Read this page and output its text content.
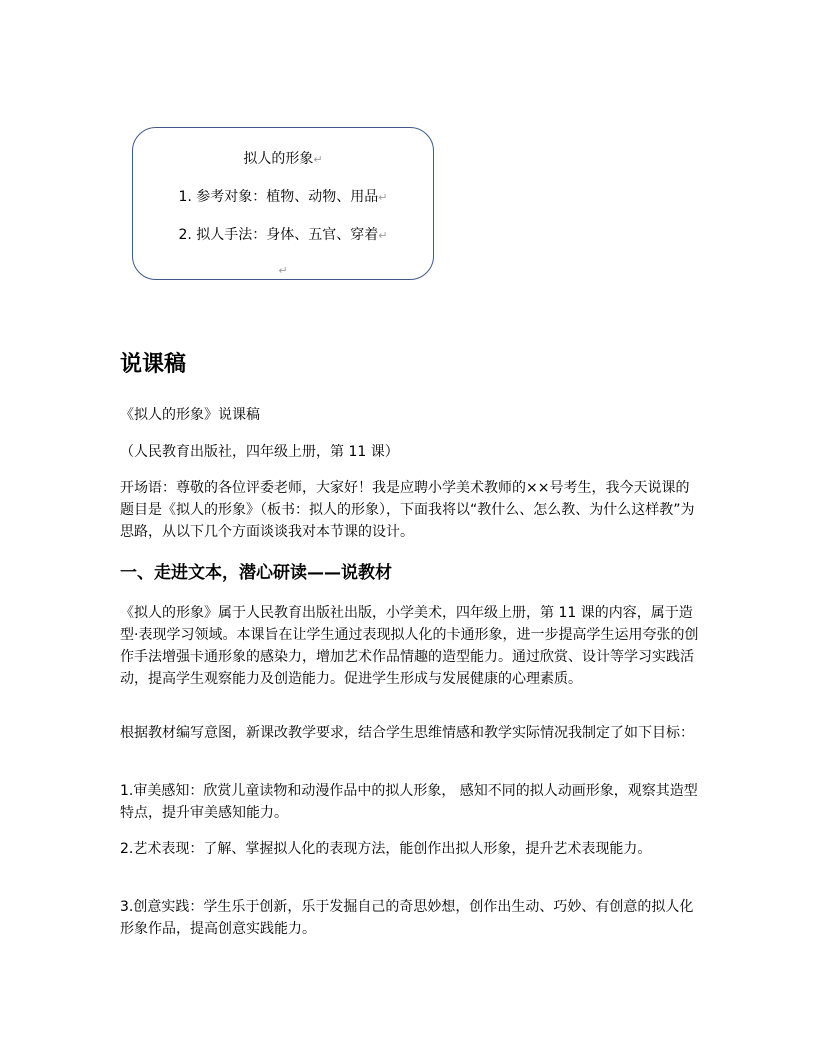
拟人的形象↵
1. 参考对象：植物、动物、用品↵
2. 拟人手法：身体、五官、穿着↵
↵
说课稿

《拟人的形象》说课稿

（人民教育出版社，四年级上册，第 11 课）

开场语：尊敬的各位评委老师，大家好！我是应聘小学美术教师的××号考生，我今天说课的题目是《拟人的形象》（板书：拟人的形象），下面我将以“教什么、怎么教、为什么这样教”为思路，从以下几个方面谈谈我对本节课的设计。

一、走进文本，潜心研读——说教材

《拟人的形象》属于人民教育出版社出版，小学美术，四年级上册，第 11 课的内容，属于造型·表现学习领域。本课旨在让学生通过表现拟人化的卡通形象，进一步提高学生运用夸张的创作手法增强卡通形象的感染力，增加艺术作品情趣的造型能力。通过欣赏、设计等学习实践活动，提高学生观察能力及创造能力。促进学生形成与发展健康的心理素质。

根据教材编写意图，新课改教学要求，结合学生思维情感和教学实际情况我制定了如下目标：

1.审美感知：欣赏儿童读物和动漫作品中的拟人形象， 感知不同的拟人动画形象，观察其造型特点，提升审美感知能力。

2.艺术表现：了解、掌握拟人化的表现方法，能创作出拟人形象，提升艺术表现能力。

3.创意实践：学生乐于创新，乐于发掘自己的奇思妙想，创作出生动、巧妙、有创意的拟人化形象作品，提高创意实践能力。
